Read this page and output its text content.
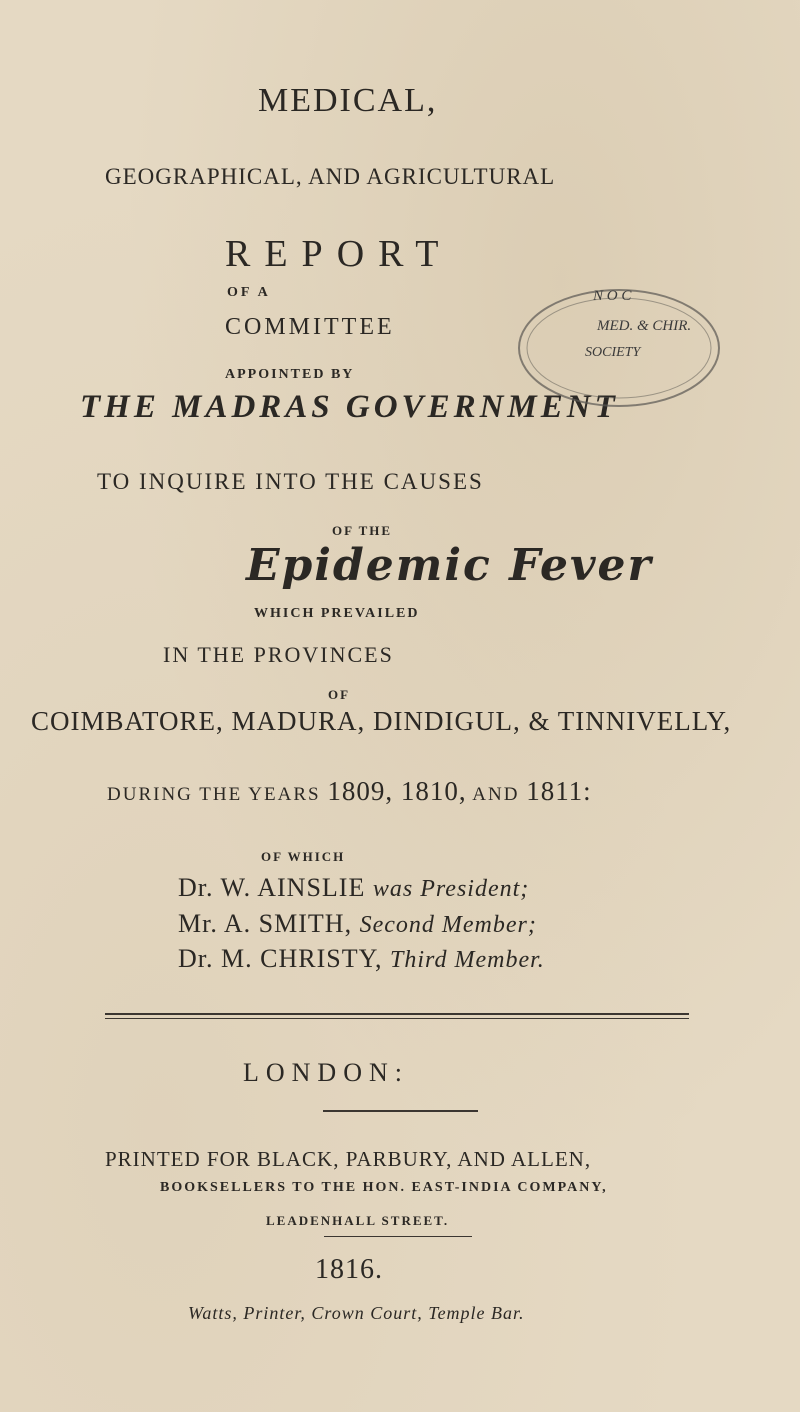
MEDICAL,
GEOGRAPHICAL, AND AGRICULTURAL
REPORT
OF A
COMMITTEE
APPOINTED BY
THE MADRAS GOVERNMENT
N O C
MED. & CHIR.
SOCIETY
TO INQUIRE INTO THE CAUSES
OF THE
Epidemic Fever
WHICH PREVAILED
IN THE PROVINCES
OF
COIMBATORE, MADURA, DINDIGUL, & TINNIVELLY,
DURING THE YEARS 1809, 1810, AND 1811:
OF WHICH
Dr. W. AINSLIE was President;
Mr. A. SMITH, Second Member;
Dr. M. CHRISTY, Third Member.
LONDON:
PRINTED FOR BLACK, PARBURY, AND ALLEN,
BOOKSELLERS TO THE HON. EAST-INDIA COMPANY,
LEADENHALL STREET.
1816.
Watts, Printer, Crown Court, Temple Bar.
